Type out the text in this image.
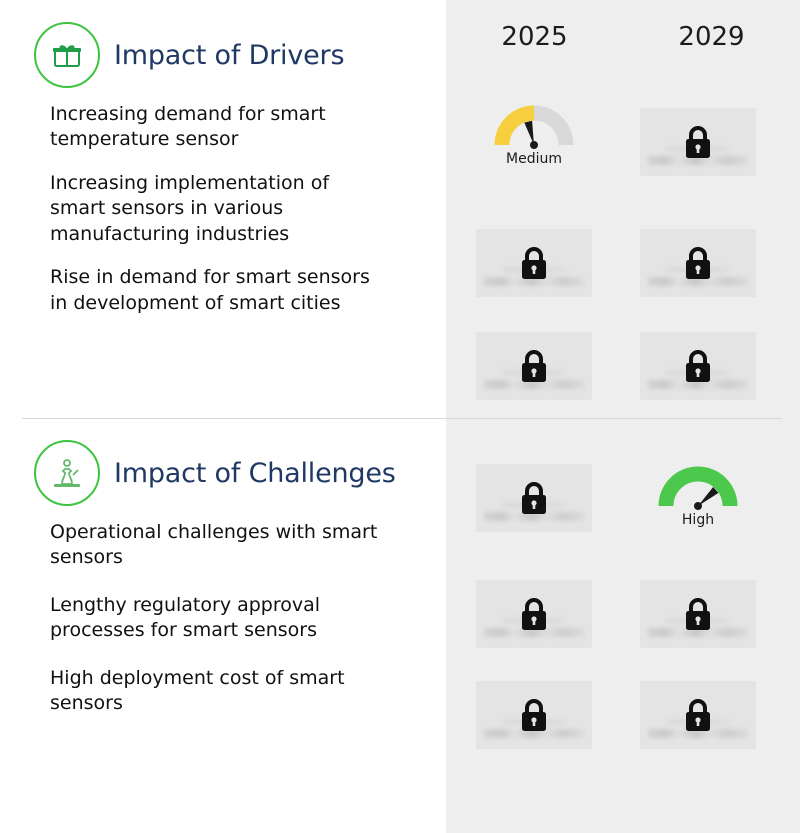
2025	2029
Impact of Drivers
Increasing demand for smart temperature sensor
Increasing implementation of smart sensors in various manufacturing industries
Rise in demand for smart sensors in development of smart cities
Medium
Impact of Challenges
Operational challenges with smart sensors
Lengthy regulatory approval processes for smart sensors
High deployment cost of smart sensors
High
